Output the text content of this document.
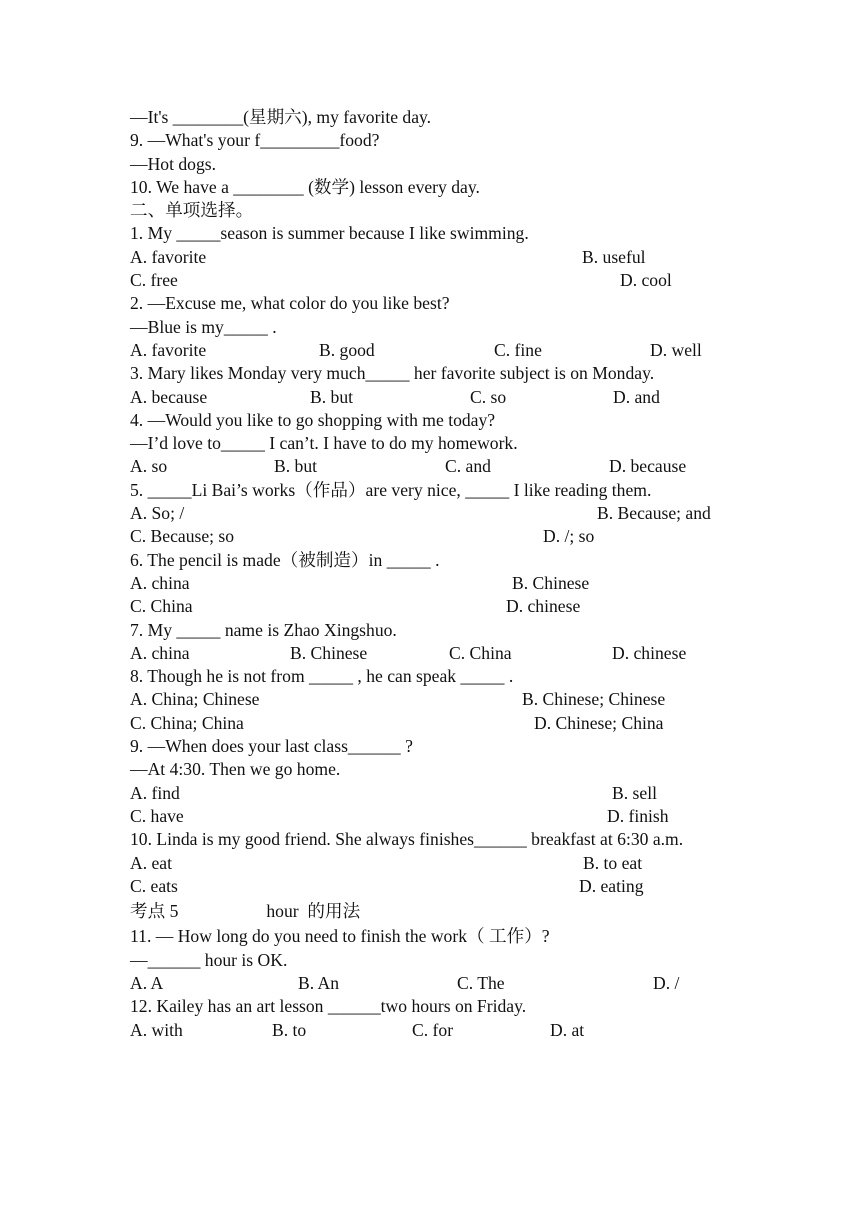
—It's ________(星期六), my favorite day.
9. —What's your f_________food?
—Hot dogs.
10. We have a ________ (数学) lesson every day.
二、单项选择。
1. My _____season is summer because I like swimming.
A. favorite	B. useful
C. free	D. cool
2. —Excuse me, what color do you like best?
—Blue is my_____ .
A. favorite	B. good	C. fine	D. well
3. Mary likes Monday very much_____ her favorite subject is on Monday.
A. because	B. but	C. so	D. and
4. —Would you like to go shopping with me today?
—I’d love to_____ I can’t. I have to do my homework.
A. so	B. but	C. and	D. because
5. _____Li Bai’s works（作品）are very nice, _____ I like reading them.
A. So; /	B. Because; and
C. Because; so	D. /; so
6. The pencil is made（被制造）in _____ .
A. china	B. Chinese
C. China	D. chinese
7. My _____ name is Zhao Xingshuo.
A. china	B. Chinese	C. China	D. chinese
8. Though he is not from _____ , he can speak _____ .
A. China; Chinese	B. Chinese; Chinese
C. China; China	D. Chinese; China
9. —When does your last class______ ?
—At 4:30. Then we go home.
A. find	B. sell
C. have	D. finish
10. Linda is my good friend. She always finishes______ breakfast at 6:30 a.m.
A. eat	B. to eat
C. eats	D. eating
考点 5                    hour  的用法
11. — How long do you need to finish the work（ 工作）?
—______ hour is OK.
A. A	B. An	C. The	D. /
12. Kailey has an art lesson ______two hours on Friday.
A. with	B. to	C. for	D. at
